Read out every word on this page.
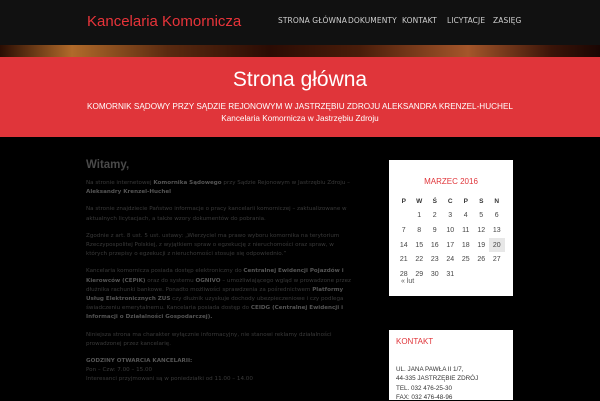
Kancelaria Komornicza	STRONA GŁÓWNA DOKUMENTY KONTAKT LICYTACJE ZASIĘG
Strona główna
KOMORNIK SĄDOWY PRZY SĄDZIE REJONOWYM W JASTRZĘBIU ZDROJU ALEKSANDRA KRENZEL-HUCHEL Kancelaria Komornicza w Jastrzębiu Zdroju
Witamy,

Na stronie internetowej Komornika Sądowego przy Sądzie Rejonowym w Jastrzębiu Zdroju – Aleksandry Krenzel-Huchel

Na stronie znajdziecie Państwo informacje o pracy kancelarii komorniczej – zaktualizowane w aktualnych licytacjach, a także wzory dokumentów do pobrania.

Zgodnie z art. 8 ust. 5 ust. ustawy: „Wierzyciel ma prawo wyboru komornika na terytorium Rzeczypospolitej Polskiej, z wyjątkiem spraw o egzekucję z nieruchomości oraz spraw, w których przepisy o egzekucji z nieruchomości stosuje się odpowiednio.”

Kancelaria komornicza posiada dostęp elektroniczny do Centralnej Ewidencji Pojazdów i Kierowców (CEPiK) oraz do systemu OGNIVO – umożliwiającego wgląd w prowadzone przez dłużnika rachunki bankowe. Ponadto możliwości sprawdzenia za pośrednictwem Platformy Usług Elektronicznych ZUS czy dłużnik uzyskuje dochody ubezpieczeniowe i czy podlega świadczeniu emerytalnemu. Kancelaria posiada dostęp do CEIDG (Centralnej Ewidencji i Informacji o Działalności Gospodarczej).

Niniejsza strona ma charakter wyłącznie informacyjny, nie stanowi reklamy działalności prowadzonej przez kancelarię.

GODZINY OTWARCIA KANCELARII:
Pon – Czw: 7.00 – 15.00
Interesanci przyjmowani są w poniedziałki od 11.00 – 14.00

MARZEC 2016
P	W	Ś	C	P	S	N
	1	2	3	4	5	6
7	8	9	10	11	12	13
14	15	16	17	18	19	20
21	22	23	24	25	26	27
28	29	30	31			
« lut
KONTAKT
UL. JANA PAWŁA II 1/7,
44-335 JASTRZĘBIE ZDRÓJ
TEL. 032 476-25-30
FAX: 032 476-48-96
